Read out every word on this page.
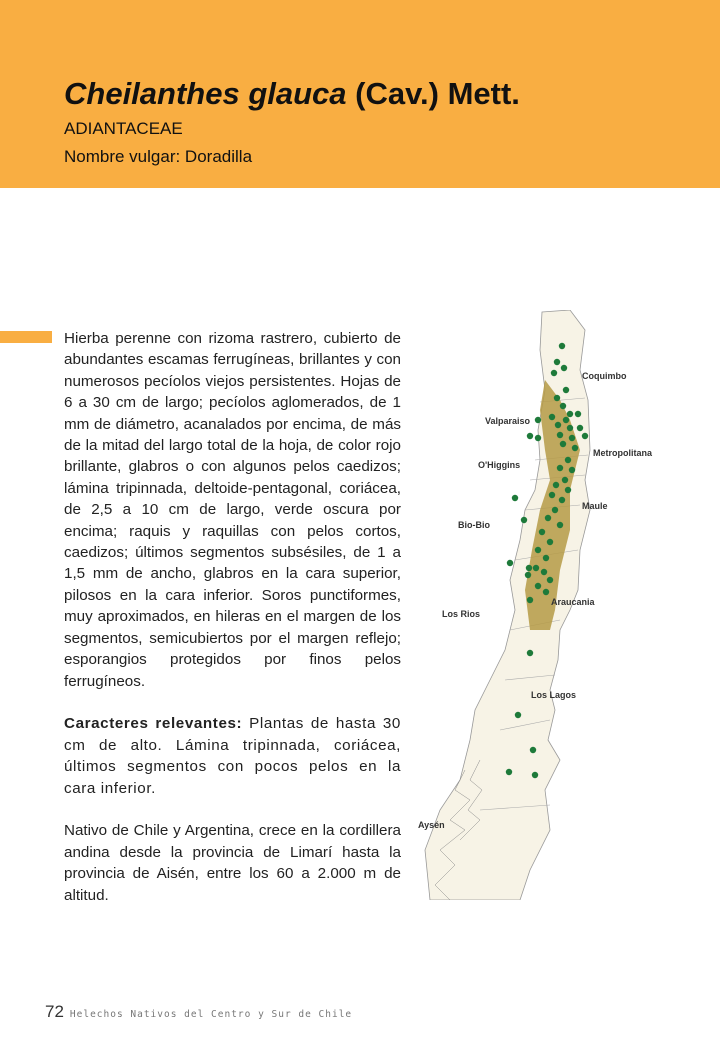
Cheilanthes glauca (Cav.) Mett.
ADIANTACEAE
Nombre vulgar: Doradilla

Hierba perenne con rizoma rastrero, cubierto de abundantes escamas ferrugíneas, brillantes y con numerosos pecíolos viejos persistentes. Hojas de 6 a 30 cm de largo; pecíolos aglomerados, de 1 mm de diámetro, acanalados por encima, de más de la mitad del largo total de la hoja, de color rojo brillante, glabros o con algunos pelos caedizos; lámina tripinnada, deltoide-pentagonal, coriácea, de 2,5 a 10 cm de largo, verde oscura por encima; raquis y raquillas con pelos cortos, caedizos; últimos segmentos subsésiles, de 1 a 1,5 mm de ancho, glabros en la cara superior, pilosos en la cara inferior. Soros punctiformes, muy aproximados, en hileras en el margen de los segmentos, semicubiertos por el margen reflejo; esporangios protegidos por finos pelos ferrugíneos.

Caracteres relevantes: Plantas de hasta 30 cm de alto. Lámina tripinnada, coriácea, últimos segmentos con pocos pelos en la cara inferior.

Nativo de Chile y Argentina, crece en la cordillera andina desde la provincia de Limarí hasta la provincia de Aisén, entre los 60 a 2.000 m de altitud.

Coquimbo
Valparaiso
Metropolitana
O'Higgins
Maule
Bio-Bio
Araucania
Los Rios
Los Lagos
Aysén
72 Helechos Nativos del Centro y Sur de Chile
